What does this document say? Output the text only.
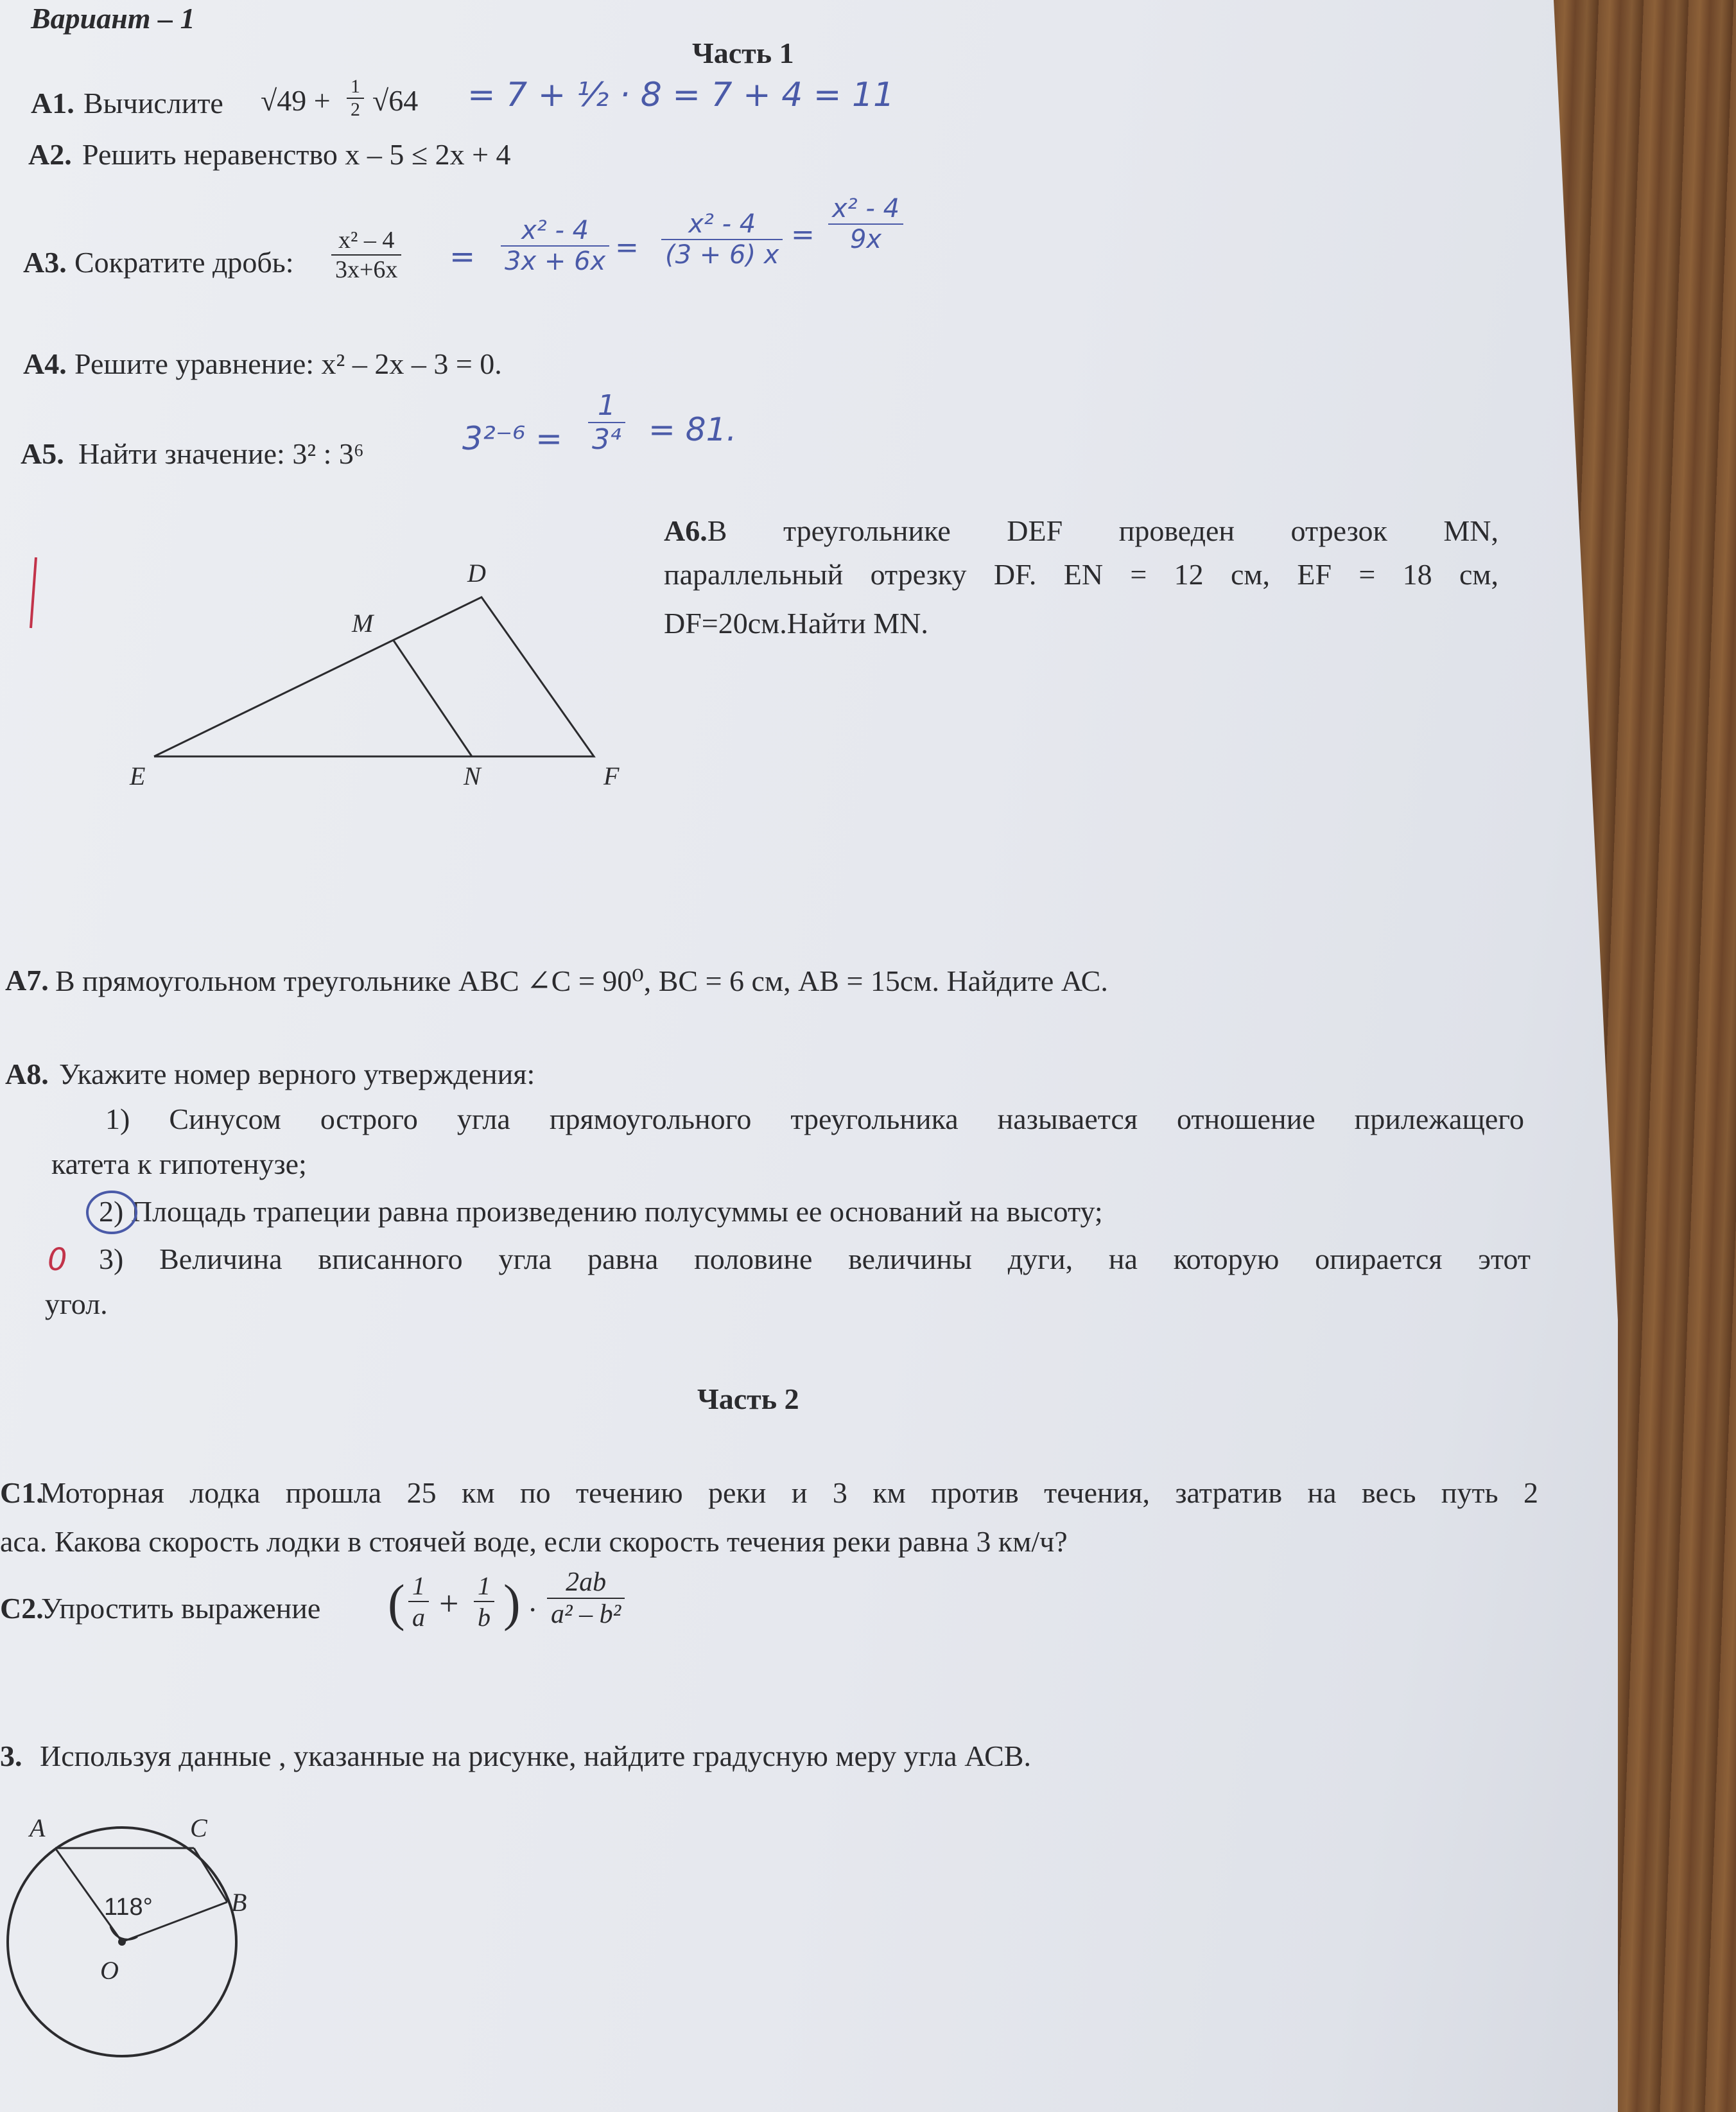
Вариант – 1
Часть 1
А1. Вычислите $√49 + \frac{1}{2} √64 = 7$ + ½ · 8 = 7 + 4 = 11
А2. Решить неравенство x – 5 ≤ 2x + 4
А3. Сократите дробь: $\frac{\text{x² – 4}}{3x+6x} = \frac{\text{x² - 4}}{3x + 6x} = \frac{\text{x² - 4}}{(3 + 6) x} = \frac{\text{x² - 4}}{9x}$
А4. Решите уравнение: x² – 2x – 3 = 0.
А5. Найти значение: 3² : 3⁶	$3^{2-6} = \frac{1}{\text{3⁴}} = 81$.
А6.В треугольнике DEF проведен отрезок MN,
параллельный отрезку DF. EN = 12 см, EF = 18 см,
DF=20см.Найти MN.
D
M
E	N	F
А7. В прямоугольном треугольнике АВС ∠С = 90⁰, ВС = 6 см, АВ = 15см. Найдите АС.
А8. Укажите номер верного утверждения:
1) Синусом острого угла прямоугольного треугольника называется отношение прилежащего
катета к гипотенузе;
2) Площадь трапеции равна произведению полусуммы ее оснований на высоту;
0 3) Величина вписанного угла равна половине величины дуги, на которую опирается этот
угол.
Часть 2
С1.
Моторная лодка прошла 25 км по течению реки и 3 км против течения, затратив на весь путь 2
аса. Какова скорость лодки в стоячей воде, если скорость течения реки равна 3 км/ч?
С2.
Упростить выражение ( $\frac{1}{a} + \frac{1}{b}$ ) · $\frac{2ab}{\text{a² – b²}}$
3. Используя данные , указанные на рисунке, найдите градусную меру угла АСВ.
A	C
B
O
118°
